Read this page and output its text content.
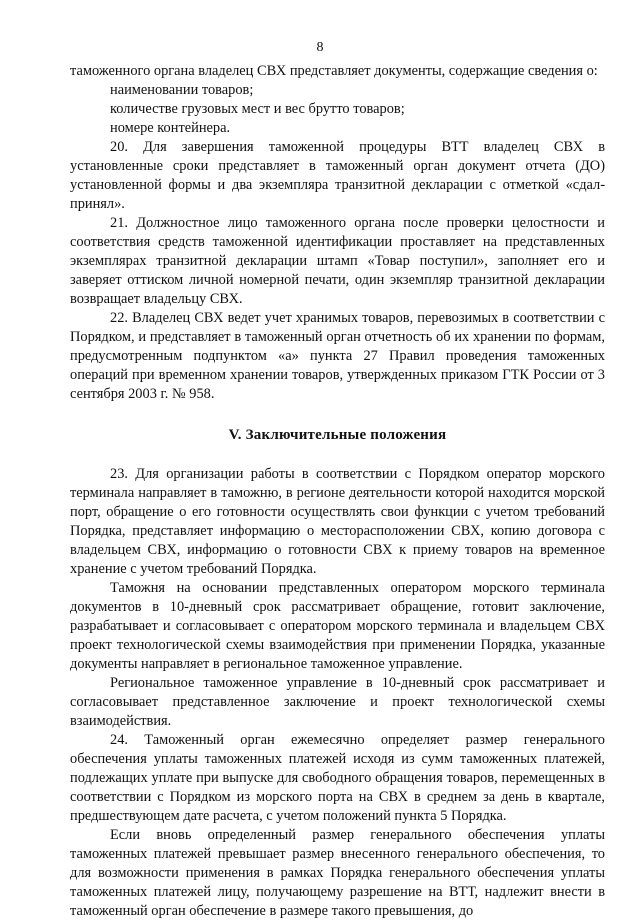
8

таможенного органа владелец СВХ представляет документы, содержащие сведения о:

наименовании товаров;
количестве грузовых мест и вес брутто товаров;
номере контейнера.

20. Для завершения таможенной процедуры ВТТ владелец СВХ в установленные сроки представляет в таможенный орган документ отчета (ДО) установленной формы и два экземпляра транзитной декларации с отметкой «сдал-принял».

21. Должностное лицо таможенного органа после проверки целостности и соответствия средств таможенной идентификации проставляет на представленных экземплярах транзитной декларации штамп «Товар поступил», заполняет его и заверяет оттиском личной номерной печати, один экземпляр транзитной декларации возвращает владельцу СВХ.

22. Владелец СВХ ведет учет хранимых товаров, перевозимых в соответствии с Порядком, и представляет в таможенный орган отчетность об их хранении по формам, предусмотренным подпунктом «а» пункта 27 Правил проведения таможенных операций при временном хранении товаров, утвержденных приказом ГТК России от 3 сентября 2003 г. № 958.

V. Заключительные положения

23. Для организации работы в соответствии с Порядком оператор морского терминала направляет в таможню, в регионе деятельности которой находится морской порт, обращение о его готовности осуществлять свои функции с учетом требований Порядка, представляет информацию о месторасположении СВХ, копию договора с владельцем СВХ, информацию о готовности СВХ к приему товаров на временное хранение с учетом требований Порядка.

Таможня на основании представленных оператором морского терминала документов в 10-дневный срок рассматривает обращение, готовит заключение, разрабатывает и согласовывает с оператором морского терминала и владельцем СВХ проект технологической схемы взаимодействия при применении Порядка, указанные документы направляет в региональное таможенное управление.

Региональное таможенное управление в 10-дневный срок рассматривает и согласовывает представленное заключение и проект технологической схемы взаимодействия.

24. Таможенный орган ежемесячно определяет размер генерального обеспечения уплаты таможенных платежей исходя из сумм таможенных платежей, подлежащих уплате при выпуске для свободного обращения товаров, перемещенных в соответствии с Порядком из морского порта на СВХ в среднем за день в квартале, предшествующем дате расчета, с учетом положений пункта 5 Порядка.

Если вновь определенный размер генерального обеспечения уплаты таможенных платежей превышает размер внесенного генерального обеспечения, то для возможности применения в рамках Порядка генерального обеспечения уплаты таможенных платежей лицу, получающему разрешение на ВТТ, надлежит внести в таможенный орган обеспечение в размере такого превышения, до
